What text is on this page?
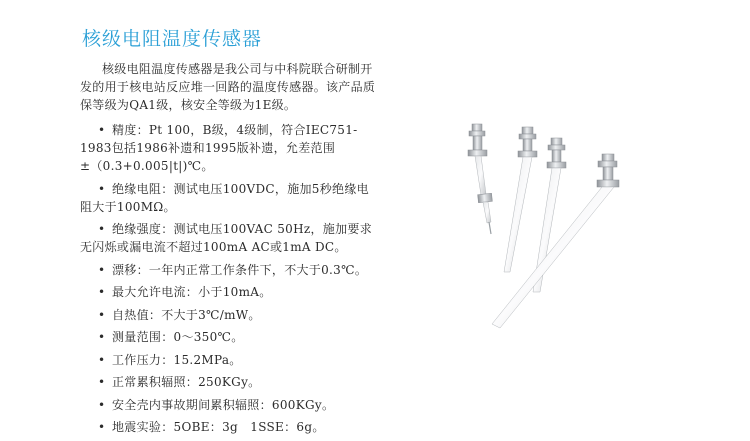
核级电阻温度传感器

核级电阻温度传感器是我公司与中科院联合研制开发的用于核电站反应堆一回路的温度传感器。该产品质保等级为QA1级，核安全等级为1E级。

• 精度：Pt 100，B级，4级制，符合IEC751-1983包括1986补遗和1995版补遗，允差范围±（0.3+0.005|t|)℃。
• 绝缘电阻：测试电压100VDC，施加5秒绝缘电阻大于100MΩ。
• 绝缘强度：测试电压100VAC 50Hz，施加要求无闪烁或漏电流不超过100mA AC或1mA DC。
• 漂移：一年内正常工作条件下，不大于0.3℃。
• 最大允许电流：小于10mA。
• 自热值：不大于3℃/mW。
• 测量范围：0～350℃。
• 工作压力：15.2MPa。
• 正常累积辐照：250KGy。
• 安全壳内事故期间累积辐照：600KGy。
• 地震实验：5OBE：3g　1SSE：6g。
